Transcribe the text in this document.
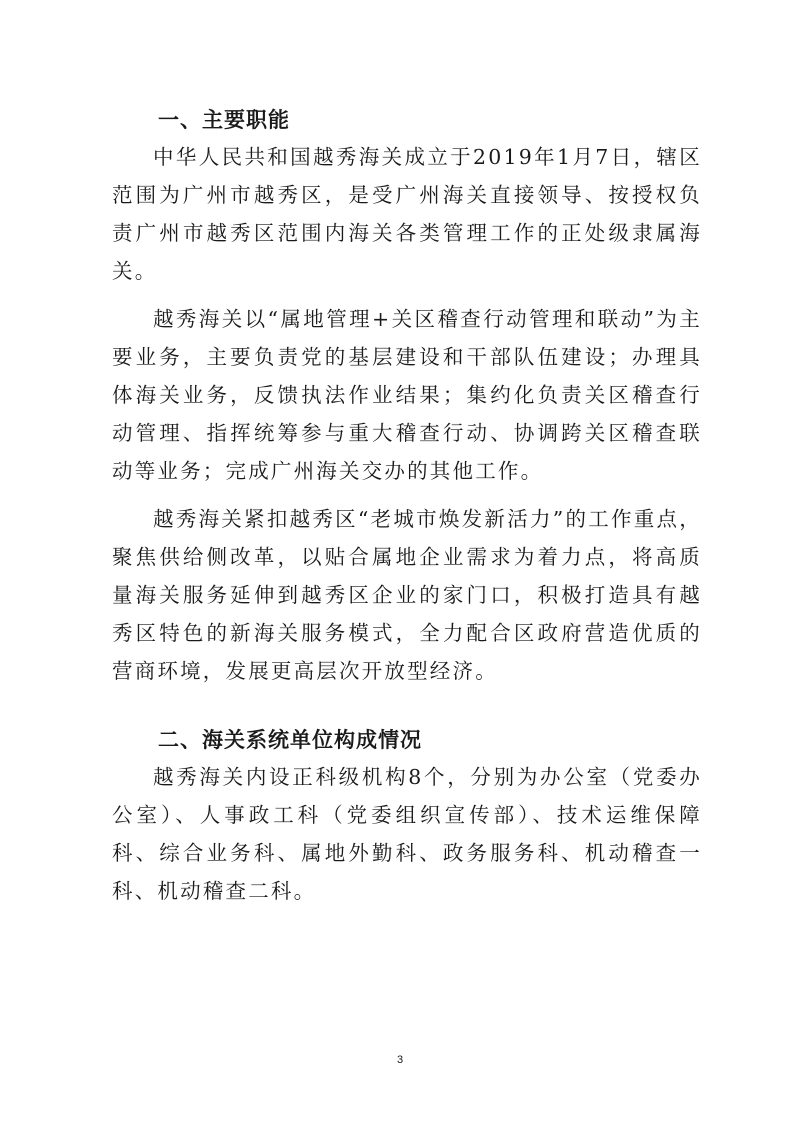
一、主要职能

中华人民共和国越秀海关成立于2019年1月7日，辖区范围为广州市越秀区，是受广州海关直接领导、按授权负责广州市越秀区范围内海关各类管理工作的正处级隶属海关。

越秀海关以“属地管理+关区稽查行动管理和联动”为主要业务，主要负责党的基层建设和干部队伍建设；办理具体海关业务，反馈执法作业结果；集约化负责关区稽查行动管理、指挥统筹参与重大稽查行动、协调跨关区稽查联动等业务；完成广州海关交办的其他工作。

越秀海关紧扣越秀区“老城市焕发新活力”的工作重点，聚焦供给侧改革，以贴合属地企业需求为着力点，将高质量海关服务延伸到越秀区企业的家门口，积极打造具有越秀区特色的新海关服务模式，全力配合区政府营造优质的营商环境，发展更高层次开放型经济。

二、海关系统单位构成情况

越秀海关内设正科级机构8个，分别为办公室（党委办公室）、人事政工科（党委组织宣传部）、技术运维保障科、综合业务科、属地外勤科、政务服务科、机动稽查一科、机动稽查二科。

3
